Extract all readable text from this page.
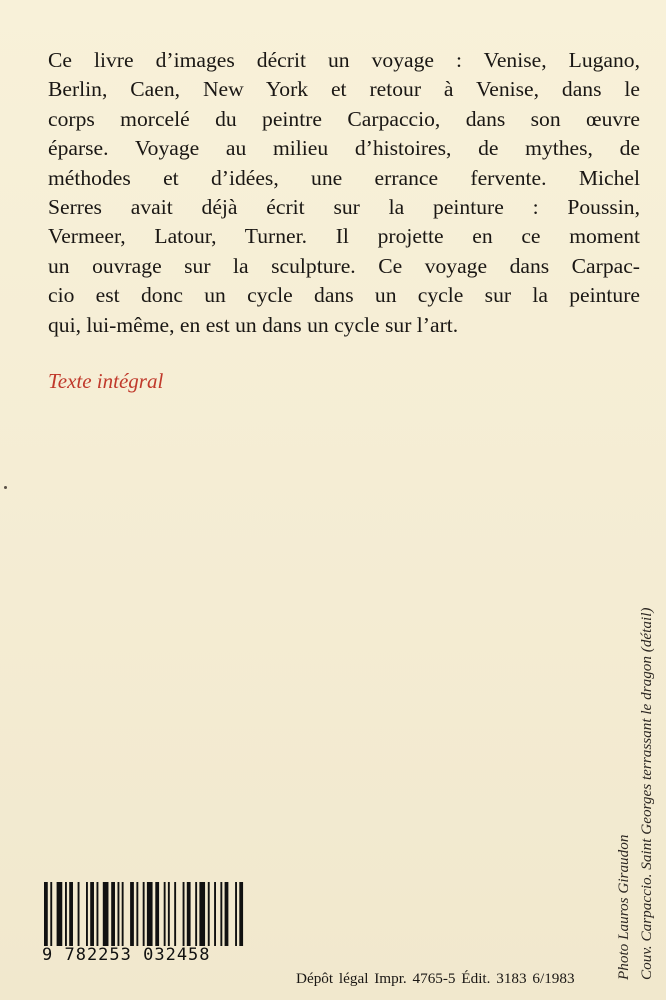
Ce livre d’images décrit un voyage : Venise, Lugano,
Berlin, Caen, New York et retour à Venise, dans le
corps morcelé du peintre Carpaccio, dans son œuvre
éparse. Voyage au milieu d’histoires, de mythes, de
méthodes et d’idées, une errance fervente. Michel
Serres avait déjà écrit sur la peinture : Poussin,
Vermeer, Latour, Turner. Il projette en ce moment
un ouvrage sur la sculpture. Ce voyage dans Carpac-
cio est donc un cycle dans un cycle sur la peinture
qui, lui-même, en est un dans un cycle sur l’art.
Texte intégral
Photo Lauros Giraudon Couv. Carpaccio. Saint Georges terrassant le dragon (détail)
9 782253 032458
Dépôt légal Impr. 4765-5 Édit. 3183 6/1983
